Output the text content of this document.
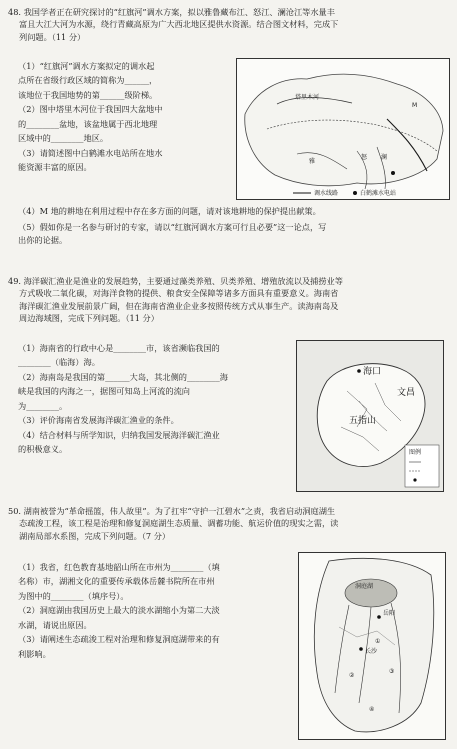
48. 我国学者正在研究探讨的“红旗河”调水方案，拟以雅鲁藏布江、怒江、澜沧江等水量丰

富且大江大河为水源，绕行青藏高原为广大西北地区提供水资源。结合图文材料，完成下

列问题。（11 分）

（1）“红旗河”调水方案拟定的调水起

点所在省级行政区域的简称为______，

该地位于我国地势的第______级阶梯。

（2）图中塔里木河位于我国四大盆地中

的________盆地，该盆地属于西北地理

区域中的________地区。

（3）请简述图中白鹤滩水电站所在地水

能资源丰富的原因。

塔里木河
M
雅
怒 澜
调水线路	白鹤滩水电站

（4）M 地的耕地在利用过程中存在多方面的问题，请对该地耕地的保护提出献策。

（5）假如你是一名参与研讨的专家，请以“红旗河调水方案可行且必要”这一论点，写

出你的论据。

49. 海洋碳汇渔业是渔业的发展趋势，主要通过藻类养殖、贝类养殖、增殖放流以及捕捞业等

方式吸收二氧化碳，对海洋食物的提供、粮食安全保障等诸多方面具有重要意义。海南省

海洋碳汇渔业发展前景广阔，但在海南省渔业企业多按照传统方式从事生产。读海南岛及

周边海域图，完成下列问题。（11 分）

（1）海南省的行政中心是________市，该省濒临我国的

________（临海）海。

（2）海南岛是我国的第______大岛，其北侧的________海

峡是我国的内海之一，据图可知岛上河流的流向

为________。

（3）评价海南省发展海洋碳汇渔业的条件。

（4）结合材料与所学知识，归纳我国发展海洋碳汇渔业

的积极意义。

海口
文昌
五指山
图例

50. 湖南被誉为“革命摇篮，伟人故里”。为了扛牢“守护一江碧水”之责，我省启动洞庭湖生

态疏浚工程，该工程是治理和修复洞庭湖生态质量、调蓄功能、航运价值的现实之需，读

湖南局部水系图，完成下列问题。（7 分）

（1）我省，红色教育基地韶山所在市州为________（填

名称）市，湖湘文化的重要传承载体岳麓书院所在市州

为图中的________（填序号）。

（2）洞庭湖由我国历史上最大的淡水湖缩小为第二大淡

水湖，请说出原因。

（3）请阐述生态疏浚工程对治理和修复洞庭湖带来的有

利影响。

洞庭湖
岳阳
长沙
①
②
③
④
